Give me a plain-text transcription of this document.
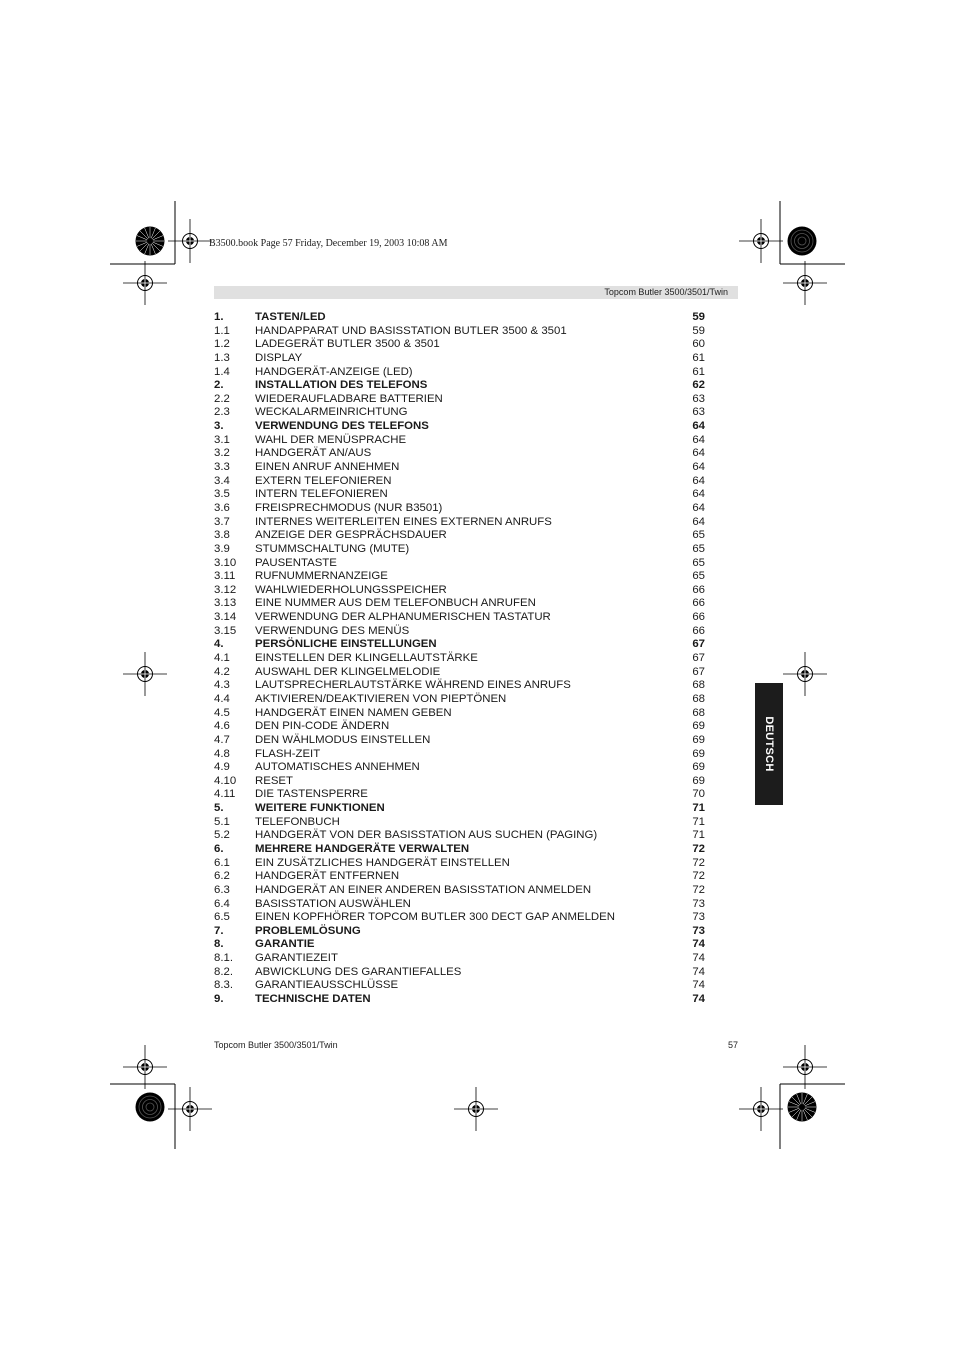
B3500.book Page 57 Friday, December 19, 2003 10:08 AM
Topcom Butler 3500/3501/Twin
1.	TASTEN/LED	59
1.1 HANDAPPARAT UND BASISSTATION BUTLER 3500 & 3501	59
1.2 LADEGERÄT BUTLER 3500 & 3501	60
1.3 DISPLAY	61
1.4 HANDGERÄT-ANZEIGE (LED)	61
2.	INSTALLATION DES TELEFONS	62
2.2 WIEDERAUFLADBARE BATTERIEN	63
2.3 WECKALARMEINRICHTUNG	63
3.	VERWENDUNG DES TELEFONS	64
3.1 WAHL DER MENÜSPRACHE	64
3.2 HANDGERÄT AN/AUS	64
3.3 EINEN ANRUF ANNEHMEN	64
3.4 EXTERN TELEFONIEREN	64
3.5 INTERN TELEFONIEREN	64
3.6 FREISPRECHMODUS (NUR B3501)	64
3.7 INTERNES WEITERLEITEN EINES EXTERNEN ANRUFS	64
3.8 ANZEIGE DER GESPRÄCHSDAUER	65
3.9 STUMMSCHALTUNG (MUTE)	65
3.10 PAUSENTASTE	65
3.11 RUFNUMMERNANZEIGE	65
3.12 WAHLWIEDERHOLUNGSSPEICHER	66
3.13 EINE NUMMER AUS DEM TELEFONBUCH ANRUFEN	66
3.14 VERWENDUNG DER ALPHANUMERISCHEN TASTATUR	66
3.15 VERWENDUNG DES MENÜS	66
4.	PERSÖNLICHE EINSTELLUNGEN	67
4.1 EINSTELLEN DER KLINGELLAUTSTÄRKE	67
4.2 AUSWAHL DER KLINGELMELODIE	67
4.3 LAUTSPRECHERLAUTSTÄRKE WÄHREND EINES ANRUFS	68
4.4 AKTIVIEREN/DEAKTIVIEREN VON PIEPTÖNEN	68
4.5 HANDGERÄT EINEN NAMEN GEBEN	68
4.6 DEN PIN-CODE ÄNDERN	69
4.7 DEN WÄHLMODUS EINSTELLEN	69
4.8 FLASH-ZEIT	69
4.9 AUTOMATISCHES ANNEHMEN	69
4.10 RESET	69
4.11 DIE TASTENSPERRE	70
5.	WEITERE FUNKTIONEN	71
5.1 TELEFONBUCH	71
5.2 HANDGERÄT VON DER BASISSTATION AUS SUCHEN (PAGING)	71
6.	MEHRERE HANDGERÄTE VERWALTEN	72
6.1 EIN ZUSÄTZLICHES HANDGERÄT EINSTELLEN	72
6.2 HANDGERÄT ENTFERNEN	72
6.3 HANDGERÄT AN EINER ANDEREN BASISSTATION ANMELDEN	72
6.4 BASISSTATION AUSWÄHLEN	73
6.5 EINEN KOPFHÖRER TOPCOM BUTLER 300 DECT GAP ANMELDEN	73
7.	PROBLEMLÖSUNG	73
8.	GARANTIE	74
8.1. GARANTIEZEIT	74
8.2. ABWICKLUNG DES GARANTIEFALLES	74
8.3. GARANTIEAUSSCHLÜSSE	74
9.	TECHNISCHE DATEN	74
DEUTSCH
Topcom Butler 3500/3501/Twin	57
